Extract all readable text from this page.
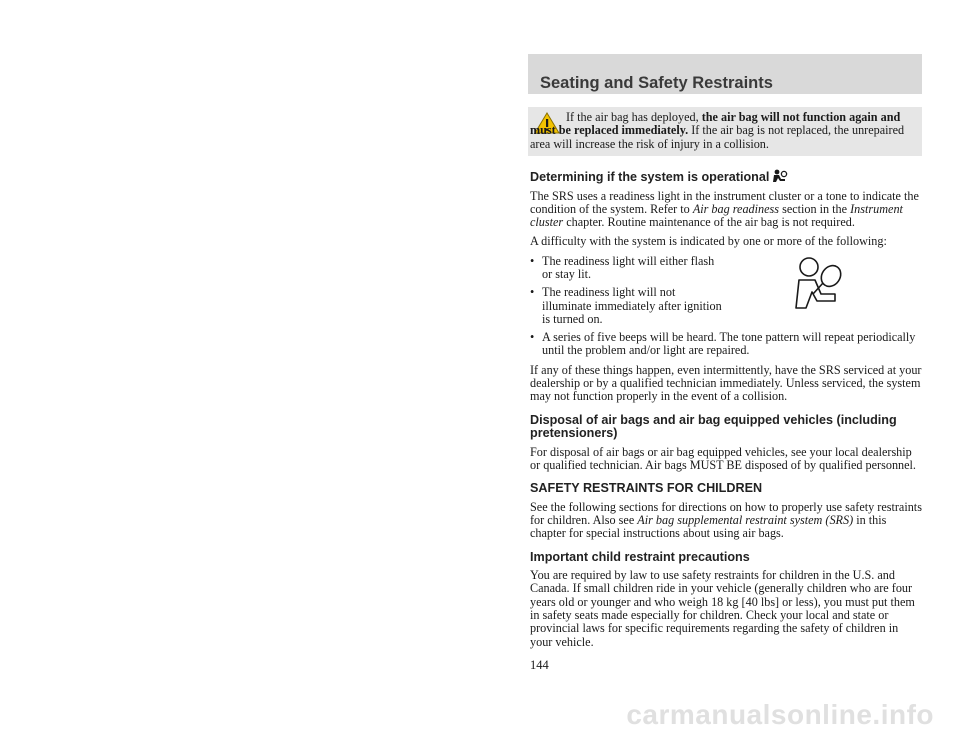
Seating and Safety Restraints

If the air bag has deployed, the air bag will not function again and must be replaced immediately. If the air bag is not replaced, the unrepaired area will increase the risk of injury in a collision.

Determining if the system is operational

The SRS uses a readiness light in the instrument cluster or a tone to indicate the condition of the system. Refer to Air bag readiness section in the Instrument cluster chapter. Routine maintenance of the air bag is not required.

A difficulty with the system is indicated by one or more of the following:

• The readiness light will either flash or stay lit.
• The readiness light will not illuminate immediately after ignition is turned on.
• A series of five beeps will be heard. The tone pattern will repeat periodically until the problem and/or light are repaired.

If any of these things happen, even intermittently, have the SRS serviced at your dealership or by a qualified technician immediately. Unless serviced, the system may not function properly in the event of a collision.

Disposal of air bags and air bag equipped vehicles (including pretensioners)

For disposal of air bags or air bag equipped vehicles, see your local dealership or qualified technician. Air bags MUST BE disposed of by qualified personnel.

SAFETY RESTRAINTS FOR CHILDREN

See the following sections for directions on how to properly use safety restraints for children. Also see Air bag supplemental restraint system (SRS) in this chapter for special instructions about using air bags.

Important child restraint precautions

You are required by law to use safety restraints for children in the U.S. and Canada. If small children ride in your vehicle (generally children who are four years old or younger and who weigh 18 kg [40 lbs] or less), you must put them in safety seats made especially for children. Check your local and state or provincial laws for specific requirements regarding the safety of children in your vehicle.

144
carmanualsonline.info
